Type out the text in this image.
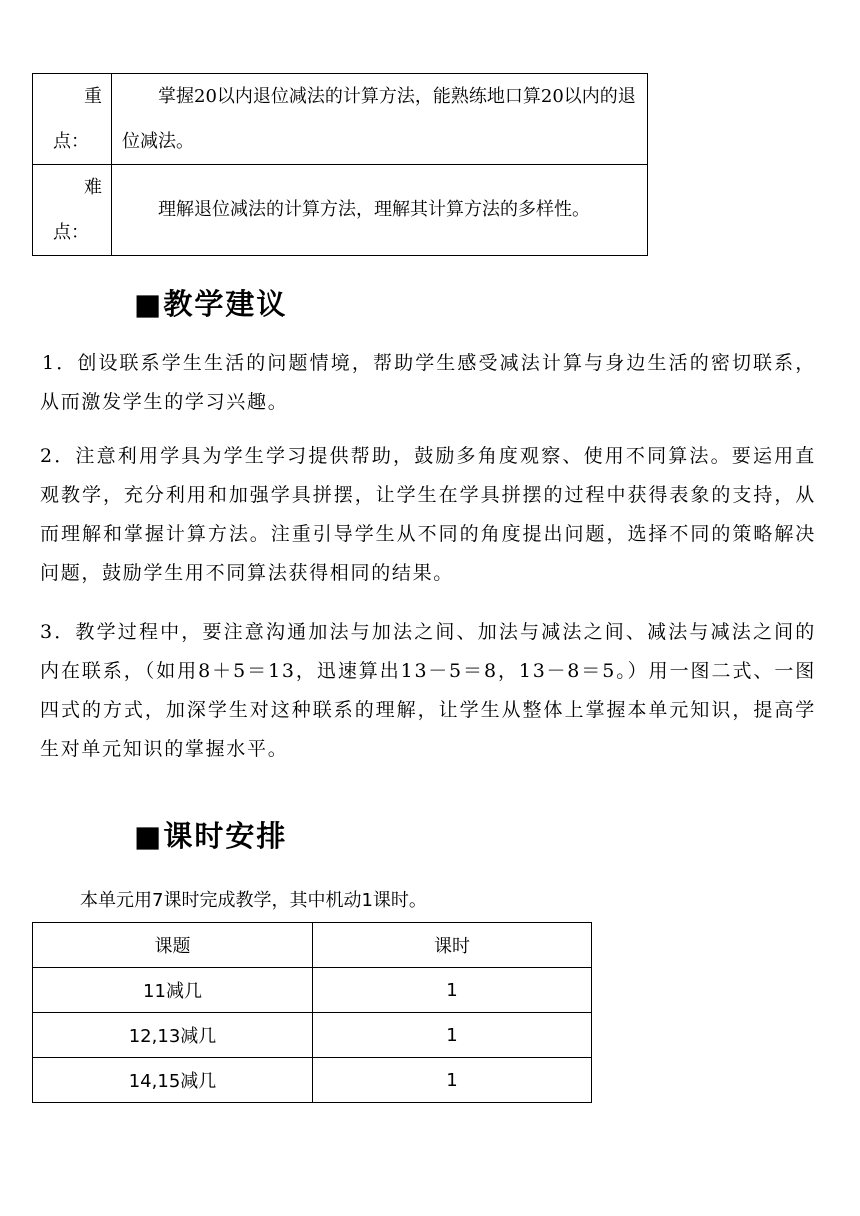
重
点：	掌握20以内退位减法的计算方法，能熟练地口算20以内的退位减法。

难
点：	理解退位减法的计算方法，理解其计算方法的多样性。
■教学建议

1．创设联系学生生活的问题情境，帮助学生感受减法计算与身边生活的密切联系，从而激发学生的学习兴趣。

2．注意利用学具为学生学习提供帮助，鼓励多角度观察、使用不同算法。要运用直观教学，充分利用和加强学具拼摆，让学生在学具拼摆的过程中获得表象的支持，从而理解和掌握计算方法。注重引导学生从不同的角度提出问题，选择不同的策略解决问题，鼓励学生用不同算法获得相同的结果。

3．教学过程中，要注意沟通加法与加法之间、加法与减法之间、减法与减法之间的内在联系，（如用8＋5＝13，迅速算出13－5＝8，13－8＝5。）用一图二式、一图四式的方式，加深学生对这种联系的理解，让学生从整体上掌握本单元知识，提高学生对单元知识的掌握水平。

■课时安排
本单元用7课时完成教学，其中机动1课时。
课题	课时
11减几	1
12,13减几	1
14,15减几	1
